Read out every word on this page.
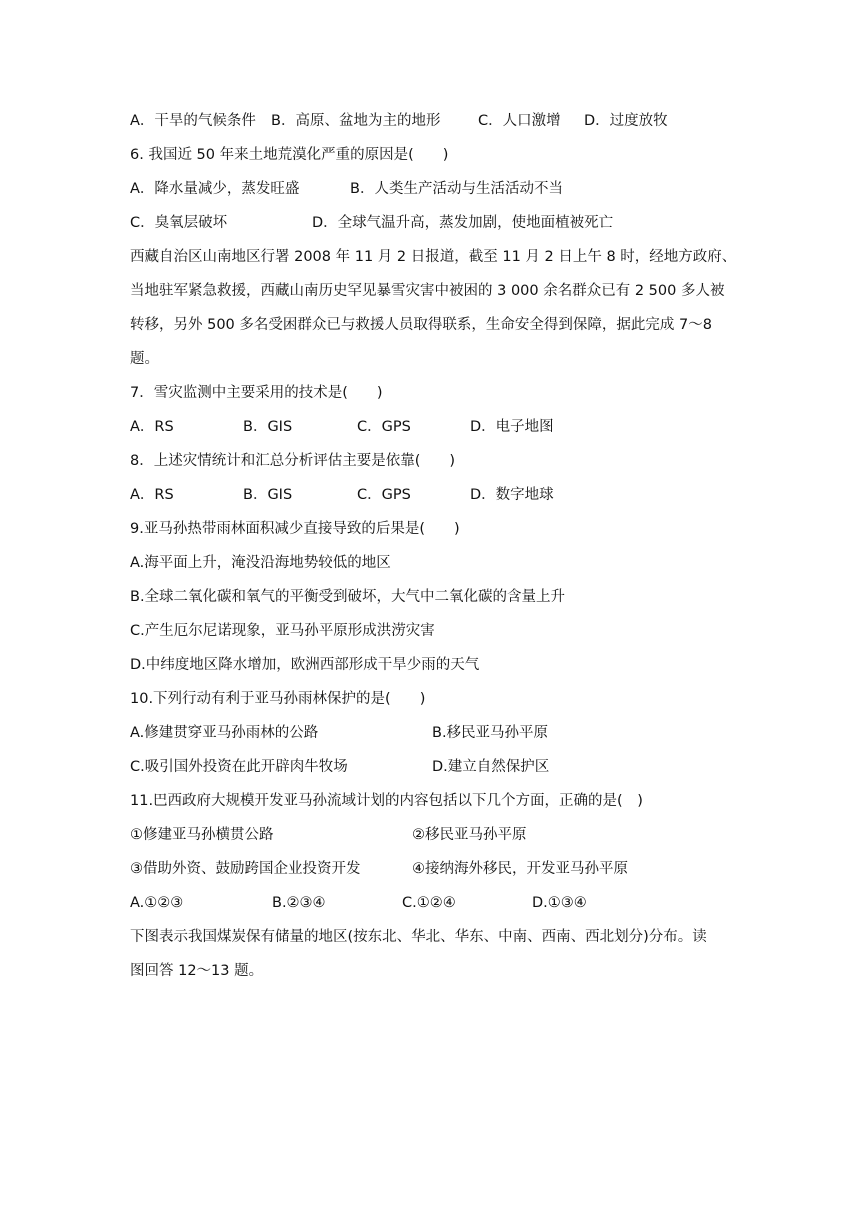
A．干旱的气候条件 B．高原、盆地为主的地形	C．人口激增 D．过度放牧
6. 我国近 50 年来土地荒漠化严重的原因是(　　)
A．降水量减少，蒸发旺盛	B．人类生产活动与生活活动不当
C．臭氧层破坏	D．全球气温升高，蒸发加剧，使地面植被死亡
西藏自治区山南地区行署 2008 年 11 月 2 日报道，截至 11 月 2 日上午 8 时，经地方政府、
当地驻军紧急救援，西藏山南历史罕见暴雪灾害中被困的 3 000 余名群众已有 2 500 多人被
转移，另外 500 多名受困群众已与救援人员取得联系，生命安全得到保障，据此完成 7～8
题。
7．雪灾监测中主要采用的技术是(　　)
A．RS	B．GIS	C．GPS	D．电子地图
8．上述灾情统计和汇总分析评估主要是依靠(　　)
A．RS	B．GIS	C．GPS	D．数字地球
9.亚马孙热带雨林面积减少直接导致的后果是(　　)
A.海平面上升，淹没沿海地势较低的地区
B.全球二氧化碳和氧气的平衡受到破坏，大气中二氧化碳的含量上升
C.产生厄尔尼诺现象，亚马孙平原形成洪涝灾害
D.中纬度地区降水增加，欧洲西部形成干旱少雨的天气
10.下列行动有利于亚马孙雨林保护的是(　　)
A.修建贯穿亚马孙雨林的公路	B.移民亚马孙平原
C.吸引国外投资在此开辟肉牛牧场	D.建立自然保护区
11.巴西政府大规模开发亚马孙流域计划的内容包括以下几个方面，正确的是(　)
①修建亚马孙横贯公路	②移民亚马孙平原
③借助外资、鼓励跨国企业投资开发	④接纳海外移民，开发亚马孙平原
A.①②③	B.②③④	C.①②④	D.①③④
下图表示我国煤炭保有储量的地区(按东北、华北、华东、中南、西南、西北划分)分布。读
图回答 12～13 题。
